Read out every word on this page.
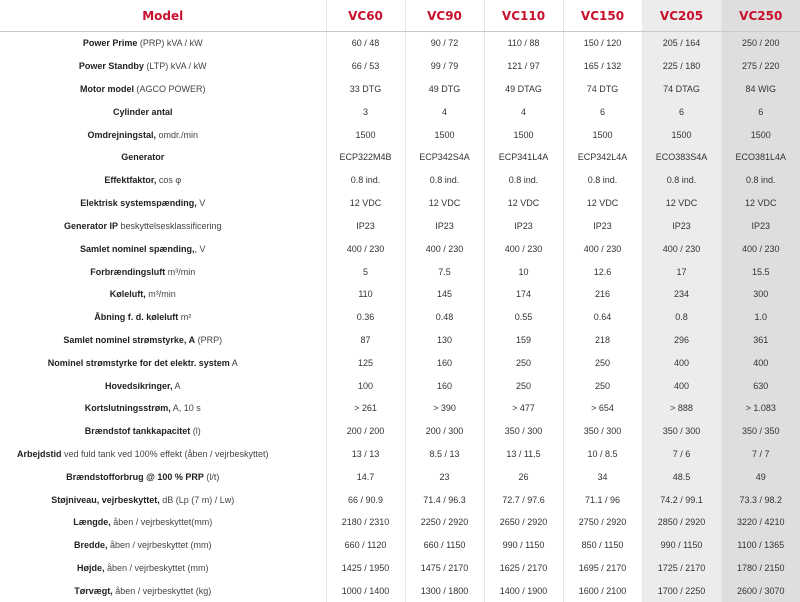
Model	VC60	VC90	VC110	VC150	VC205	VC250
Power Prime (PRP) kVA / kW	60 / 48	90 / 72	110 / 88	150 / 120	205 / 164	250 / 200
Power Standby (LTP) kVA / kW	66 / 53	99 / 79	121 / 97	165 / 132	225 / 180	275 / 220
Motor model (AGCO POWER)	33 DTG	49 DTG	49 DTAG	74 DTG	74 DTAG	84 WIG
Cylinder antal	3	4	4	6	6	6
Omdrejningstal, omdr./min	1500	1500	1500	1500	1500	1500
Generator	ECP322M4B	ECP342S4A	ECP341L4A	ECP342L4A	ECO383S4A	ECO381L4A
Effektfaktor, cos φ	0.8 ind.	0.8 ind.	0.8 ind.	0.8 ind.	0.8 ind.	0.8 ind.
Elektrisk systemspænding, V	12 VDC	12 VDC	12 VDC	12 VDC	12 VDC	12 VDC
Generator IP beskyttelsesklassificering	IP23	IP23	IP23	IP23	IP23	IP23
Samlet nominel spænding,, V	400 / 230	400 / 230	400 / 230	400 / 230	400 / 230	400 / 230
Forbrændingsluft m³/min	5	7.5	10	12.6	17	15.5
Køleluft, m³/min	110	145	174	216	234	300
Åbning f. d. køleluft m²	0.36	0.48	0.55	0.64	0.8	1.0
Samlet nominel strømstyrke, A (PRP)	87	130	159	218	296	361
Nominel strømstyrke for det elektr. system A	125	160	250	250	400	400
Hovedsikringer, A	100	160	250	250	400	630
Kortslutningsstrøm, A, 10 s	> 261	> 390	> 477	> 654	> 888	> 1.083
Brændstof tankkapacitet (l)	200 / 200	200 / 300	350 / 300	350 / 300	350 / 300	350 / 350
Arbejdstid ved fuld tank ved 100% effekt (åben / vejrbeskyttet)	13 / 13	8.5 / 13	13 / 11.5	10 / 8.5	7 / 6	7 / 7
Brændstofforbrug @ 100 % PRP (l/t)	14.7	23	26	34	48.5	49
Støjniveau, vejrbeskyttet, dB (Lp (7 m) / Lw)	66 / 90.9	71.4 / 96.3	72.7 / 97.6	71.1 / 96	74.2 / 99.1	73.3 / 98.2
Længde, åben / vejrbeskyttet(mm)	2180 / 2310	2250 / 2920	2650 / 2920	2750 / 2920	2850 / 2920	3220 / 4210
Bredde, åben / vejrbeskyttet (mm)	660 / 1120	660 / 1150	990 / 1150	850 / 1150	990 / 1150	1100 / 1365
Højde, åben / vejrbeskyttet (mm)	1425 / 1950	1475 / 2170	1625 / 2170	1695 / 2170	1725 / 2170	1780 / 2150
Tørvægt, åben / vejrbeskyttet (kg)	1000 / 1400	1300 / 1800	1400 / 1900	1600 / 2100	1700 / 2250	2600 / 3070
